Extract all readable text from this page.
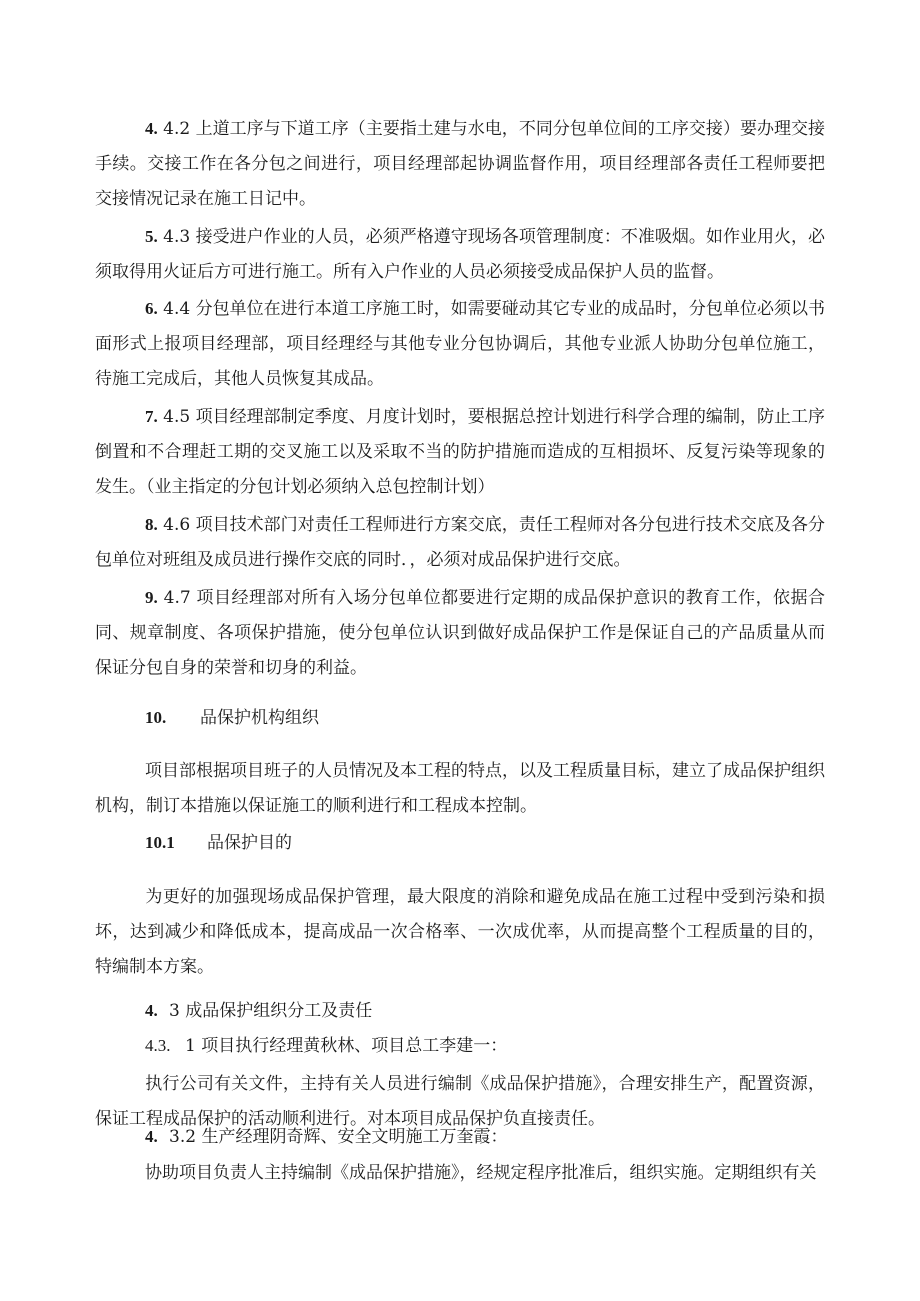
4. 4.2 上道工序与下道工序（主要指土建与水电，不同分包单位间的工序交接）要办理交接手续。交接工作在各分包之间进行，项目经理部起协调监督作用，项目经理部各责任工程师要把交接情况记录在施工日记中。

5. 4.3 接受进户作业的人员，必须严格遵守现场各项管理制度：不准吸烟。如作业用火，必须取得用火证后方可进行施工。所有入户作业的人员必须接受成品保护人员的监督。

6. 4.4 分包单位在进行本道工序施工时，如需要碰动其它专业的成品时，分包单位必须以书面形式上报项目经理部，项目经理经与其他专业分包协调后，其他专业派人协助分包单位施工，待施工完成后，其他人员恢复其成品。

7. 4.5 项目经理部制定季度、月度计划时，要根据总控计划进行科学合理的编制，防止工序倒置和不合理赶工期的交叉施工以及采取不当的防护措施而造成的互相损坏、反复污染等现象的发生。（业主指定的分包计划必须纳入总包控制计划）

8. 4.6 项目技术部门对责任工程师进行方案交底，责任工程师对各分包进行技术交底及各分包单位对班组及成员进行操作交底的同时．，必须对成品保护进行交底。

9. 4.7 项目经理部对所有入场分包单位都要进行定期的成品保护意识的教育工作，依据合同、规章制度、各项保护措施，使分包单位认识到做好成品保护工作是保证自己的产品质量从而保证分包自身的荣誉和切身的利益。

10. 品保护机构组织

项目部根据项目班子的人员情况及本工程的特点，以及工程质量目标，建立了成品保护组织机构，制订本措施以保证施工的顺利进行和工程成本控制。

10.1 品保护目的

为更好的加强现场成品保护管理，最大限度的消除和避免成品在施工过程中受到污染和损坏，达到减少和降低成本，提高成品一次合格率、一次成优率，从而提高整个工程质量的目的，特编制本方案。

4. 3 成品保护组织分工及责任
4.3. 1 项目执行经理黄秋林、项目总工李建一：

执行公司有关文件，主持有关人员进行编制《成品保护措施》，合理安排生产，配置资源，保证工程成品保护的活动顺利进行。对本项目成品保护负直接责任。

4. 3.2 生产经理阴奇辉、安全文明施工万奎霞：

协助项目负责人主持编制《成品保护措施》，经规定程序批准后，组织实施。定期组织有关
